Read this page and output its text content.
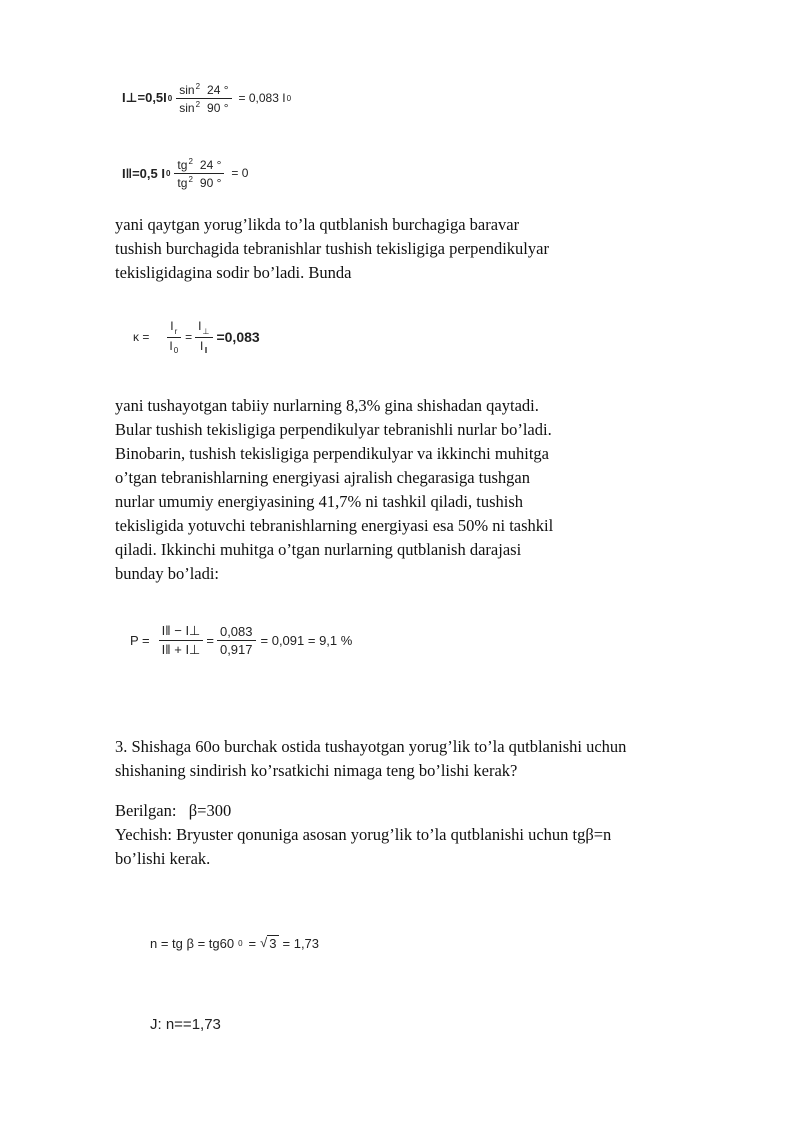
I⊥=0,5I $0 \frac{\sin^2 24 ^\circ}{\sin^2 90 ^\circ} = 0,083$ I 0
I‖=0,5 I $0 \frac{tg^2 24 ^\circ}{tg^2 90 ^\circ} = 0$
yani qaytgan yorug’likda to’la qutblanish burchagiga baravar
tushish burchagida tebranishlar tushish tekisligiga perpendikulyar
tekisligidagina sodir bo’ladi. Bunda
$\kappa = \frac{I_r}{I_0} = \frac{I_\perp}{I_‖} =0,083$
yani tushayotgan tabiiy nurlarning 8,3% gina shishadan qaytadi.
Bular tushish tekisligiga perpendikulyar tebranishli nurlar bo’ladi.
Binobarin, tushish tekisligiga perpendikulyar va ikkinchi muhitga
o’tgan tebranishlarning energiyasi ajralish chegarasiga tushgan
nurlar umumiy energiyasining 41,7% ni tashkil qiladi, tushish
tekisligida yotuvchi tebranishlarning energiyasi esa 50% ni tashkil
qiladi. Ikkinchi muhitga o’tgan nurlarning qutblanish darajasi
bunday bo’ladi:
$P = \frac{I‖ - I\perp}{I‖ + I\perp} = \frac{0,083}{0,917} = 0,091 = 9,1$ %
3. Shishaga 60o burchak ostida tushayotgan yorug’lik to’la qutblanishi uchun
shishaning sindirish ko’rsatkichi nimaga teng bo’lishi kerak?
Berilgan:   β=300
Yechish: Bryuster qonuniga asosan yorug’lik to’la qutblanishi uchun tgβ=n
bo’lishi kerak.
n = tg β = tg60 0 = √ 3 = 1,73
J: n==1,73
